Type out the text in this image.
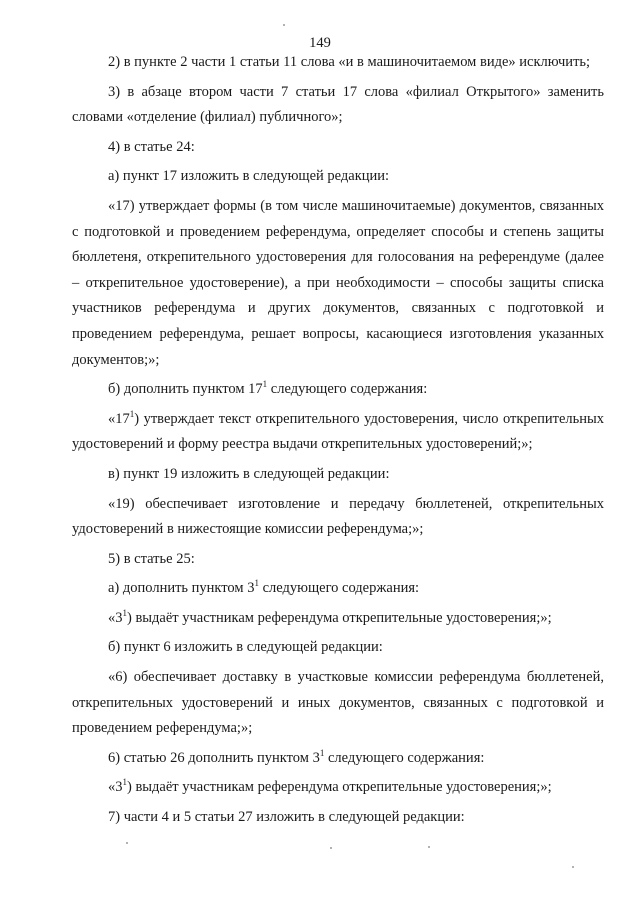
149

2) в пункте 2 части 1 статьи 11 слова «и в машиночитаемом виде» исключить;

3) в абзаце втором части 7 статьи 17 слова «филиал Открытого» заменить словами «отделение (филиал) публичного»;

4) в статье 24:

а) пункт 17 изложить в следующей редакции:

«17) утверждает формы (в том числе машиночитаемые) документов, связанных с подготовкой и проведением референдума, определяет способы и степень защиты бюллетеня, открепительного удостоверения для голосования на референдуме (далее – открепительное удостоверение), а при необходимости – способы защиты списка участников референдума и других документов, связанных с подготовкой и проведением референдума, решает вопросы, касающиеся изготовления указанных документов;»;

б) дополнить пунктом $17^1$ следующего содержания:

«$17^1$) утверждает текст открепительного удостоверения, число открепительных удостоверений и форму реестра выдачи открепительных удостоверений;»;

в) пункт 19 изложить в следующей редакции:

«19) обеспечивает изготовление и передачу бюллетеней, открепительных удостоверений в нижестоящие комиссии референдума;»;

5) в статье 25:

а) дополнить пунктом $3^1$ следующего содержания:

«$3^1$) выдаёт участникам референдума открепительные удостоверения;»;

б) пункт 6 изложить в следующей редакции:

«6) обеспечивает доставку в участковые комиссии референдума бюллетеней, открепительных удостоверений и иных документов, связанных с подготовкой и проведением референдума;»;

6) статью 26 дополнить пунктом $3^1$ следующего содержания:

«$3^1$) выдаёт участникам референдума открепительные удостоверения;»;

7) части 4 и 5 статьи 27 изложить в следующей редакции:
